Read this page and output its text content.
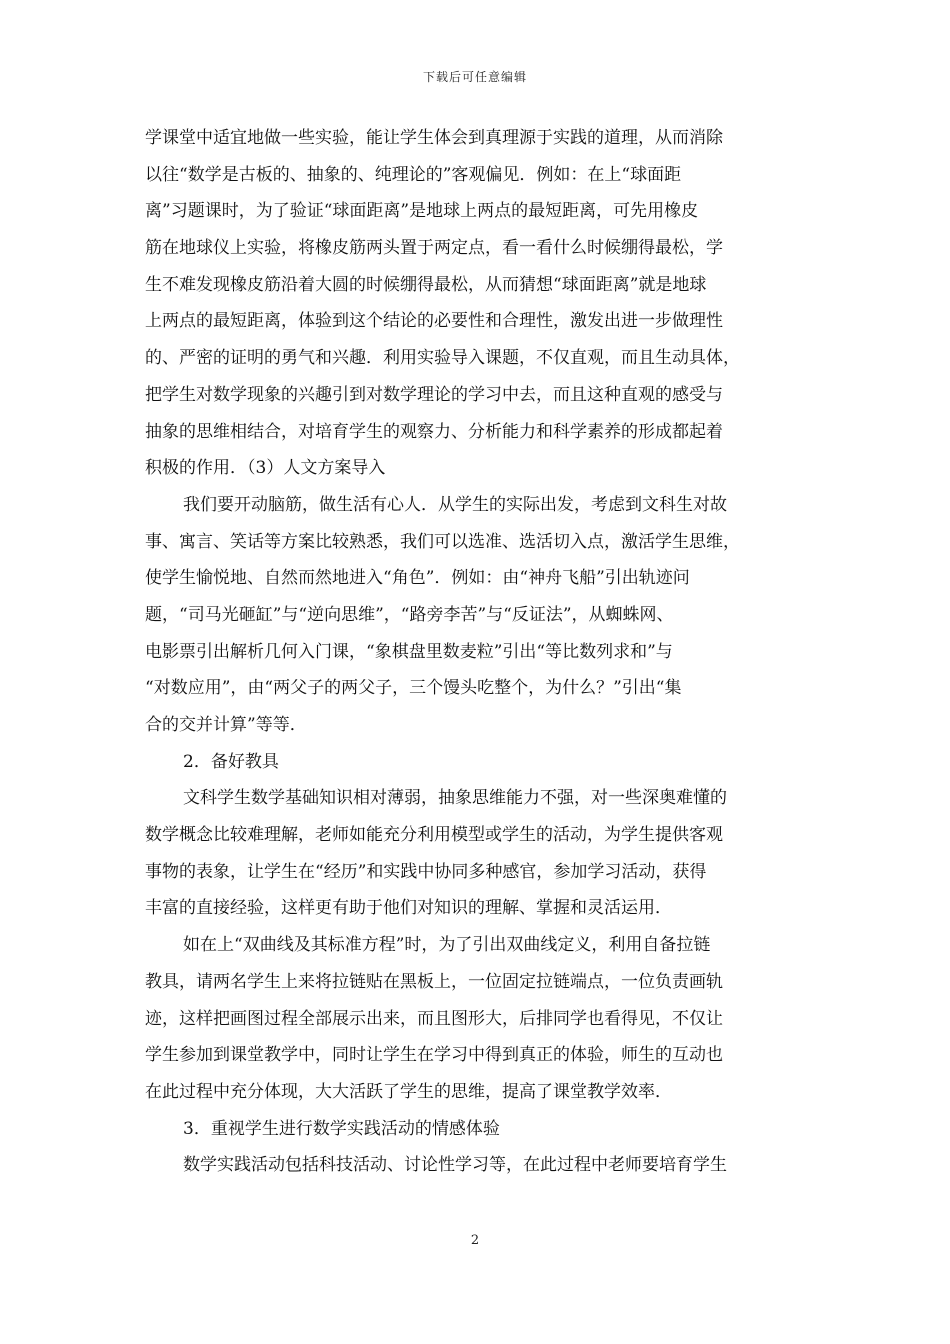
下载后可任意编辑
学课堂中适宜地做一些实验，能让学生体会到真理源于实践的道理，从而消除
以往“数学是古板的、抽象的、纯理论的”客观偏见．例如：在上“球面距
离”习题课时，为了验证“球面距离”是地球上两点的最短距离，可先用橡皮
筋在地球仪上实验，将橡皮筋两头置于两定点，看一看什么时候绷得最松，学
生不难发现橡皮筋沿着大圆的时候绷得最松，从而猜想“球面距离”就是地球
上两点的最短距离，体验到这个结论的必要性和合理性，激发出进一步做理性
的、严密的证明的勇气和兴趣．利用实验导入课题，不仅直观，而且生动具体，
把学生对数学现象的兴趣引到对数学理论的学习中去，而且这种直观的感受与
抽象的思维相结合，对培育学生的观察力、分析能力和科学素养的形成都起着
积极的作用．（3）人文方案导入
我们要开动脑筋，做生活有心人．从学生的实际出发，考虑到文科生对故
事、寓言、笑话等方案比较熟悉，我们可以选准、选活切入点，激活学生思维，
使学生愉悦地、自然而然地进入“角色”．例如：由“神舟飞船”引出轨迹问
题，“司马光砸缸”与“逆向思维”，“路旁李苦”与“反证法”，从蜘蛛网、
电影票引出解析几何入门课，“象棋盘里数麦粒”引出“等比数列求和”与
“对数应用”，由“两父子的两父子，三个馒头吃整个，为什么？”引出“集
合的交并计算”等等．
2．备好教具
文科学生数学基础知识相对薄弱，抽象思维能力不强，对一些深奥难懂的
数学概念比较难理解，老师如能充分利用模型或学生的活动，为学生提供客观
事物的表象，让学生在“经历”和实践中协同多种感官，参加学习活动，获得
丰富的直接经验，这样更有助于他们对知识的理解、掌握和灵活运用．
如在上“双曲线及其标准方程”时，为了引出双曲线定义，利用自备拉链
教具，请两名学生上来将拉链贴在黑板上，一位固定拉链端点，一位负责画轨
迹，这样把画图过程全部展示出来，而且图形大，后排同学也看得见，不仅让
学生参加到课堂教学中，同时让学生在学习中得到真正的体验，师生的互动也
在此过程中充分体现，大大活跃了学生的思维，提高了课堂教学效率．
3．重视学生进行数学实践活动的情感体验
数学实践活动包括科技活动、讨论性学习等，在此过程中老师要培育学生
2
